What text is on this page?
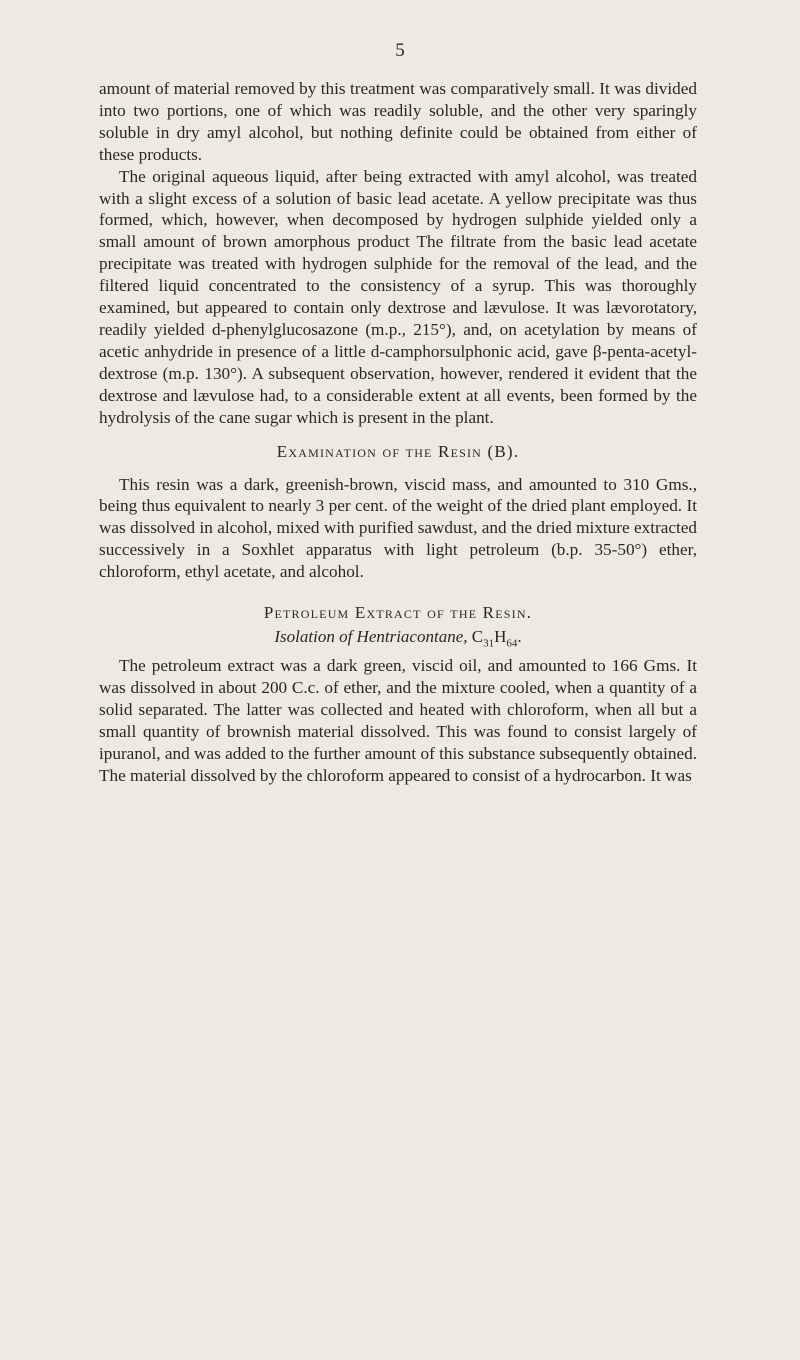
5

amount of material removed by this treatment was comparatively small. It was divided into two portions, one of which was readily soluble, and the other very sparingly soluble in dry amyl alcohol, but nothing definite could be obtained from either of these products.

The original aqueous liquid, after being extracted with amyl alcohol, was treated with a slight excess of a solution of basic lead acetate. A yellow precipitate was thus formed, which, however, when decomposed by hydrogen sulphide yielded only a small amount of brown amorphous product The filtrate from the basic lead acetate precipitate was treated with hydrogen sulphide for the removal of the lead, and the filtered liquid concentrated to the consistency of a syrup. This was thoroughly examined, but appeared to contain only dextrose and lævulose. It was lævorotatory, readily yielded d-phenylglucosazone (m.p., 215°), and, on acetylation by means of acetic anhydride in presence of a little d-camphorsulphonic acid, gave β-penta-acetyl-dextrose (m.p. 130°). A subsequent observation, however, rendered it evident that the dextrose and lævulose had, to a considerable extent at all events, been formed by the hydrolysis of the cane sugar which is present in the plant.

Examination of the Resin (B).

This resin was a dark, greenish-brown, viscid mass, and amounted to 310 Gms., being thus equivalent to nearly 3 per cent. of the weight of the dried plant employed. It was dissolved in alcohol, mixed with purified sawdust, and the dried mixture extracted successively in a Soxhlet apparatus with light petroleum (b.p. 35-50°) ether, chloroform, ethyl acetate, and alcohol.

Petroleum Extract of the Resin.
Isolation of Hentriacontane, $C_{31}H_{64}$.

The petroleum extract was a dark green, viscid oil, and amounted to 166 Gms. It was dissolved in about 200 C.c. of ether, and the mixture cooled, when a quantity of a solid separated. The latter was collected and heated with chloroform, when all but a small quantity of brownish material dissolved. This was found to consist largely of ipuranol, and was added to the further amount of this substance subsequently obtained. The material dissolved by the chloroform appeared to consist of a hydrocarbon. It was
